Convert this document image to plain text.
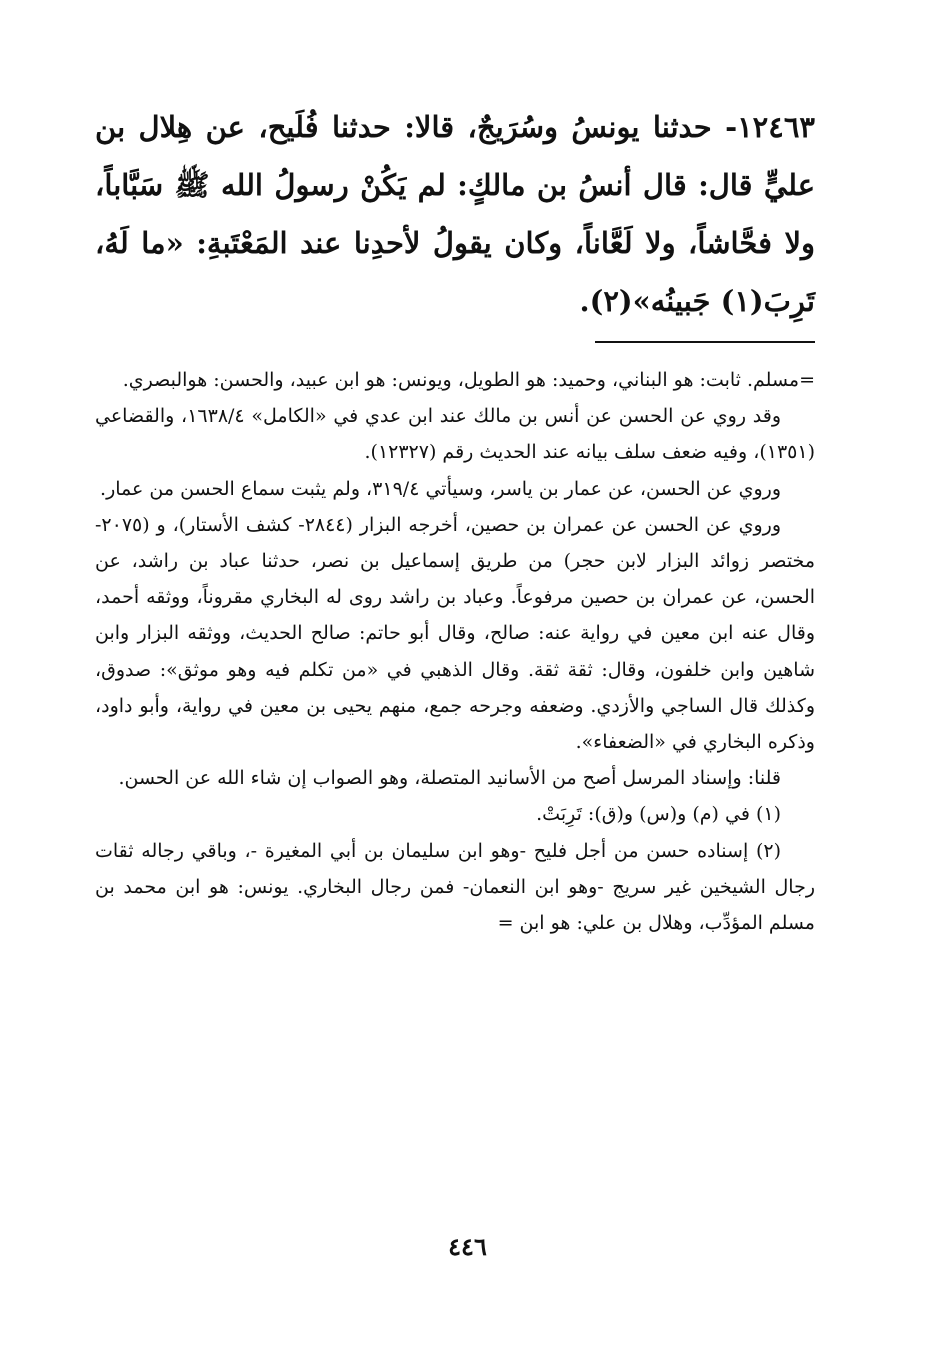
١٢٤٦٣- حدثنا يونسُ وسُرَيجٌ، قالا: حدثنا فُلَيح، عن هِلال بن عليٍّ قال: قال أنسُ بن مالكٍ: لم يَكُنْ رسولُ الله ﷺ سَبَّاباً، ولا فحَّاشاً، ولا لَعَّاناً، وكان يقولُ لأحدِنا عند المَعْتَبةِ: «ما لَهُ، تَرِبَ(١) جَبينُه»(٢).

=مسلم. ثابت: هو البناني، وحميد: هو الطويل، ويونس: هو ابن عبيد، والحسن: هوالبصري.

وقد روي عن الحسن عن أنس بن مالك عند ابن عدي في «الكامل» ١٦٣٨/٤، والقضاعي (١٣٥١)، وفيه ضعف سلف بيانه عند الحديث رقم (١٢٣٢٧).

وروي عن الحسن، عن عمار بن ياسر، وسيأتي ٣١٩/٤، ولم يثبت سماع الحسن من عمار.

وروي عن الحسن عن عمران بن حصين، أخرجه البزار (٢٨٤٤- كشف الأستار)، و (٢٠٧٥- مختصر زوائد البزار لابن حجر) من طريق إسماعيل بن نصر، حدثنا عباد بن راشد، عن الحسن، عن عمران بن حصين مرفوعاً. وعباد بن راشد روى له البخاري مقروناً، ووثقه أحمد، وقال عنه ابن معين في رواية عنه: صالح، وقال أبو حاتم: صالح الحديث، ووثقه البزار وابن شاهين وابن خلفون، وقال: ثقة ثقة. وقال الذهبي في «من تكلم فيه وهو موثق»: صدوق، وكذلك قال الساجي والأزدي. وضعفه وجرحه جمع، منهم يحيى بن معين في رواية، وأبو داود، وذكره البخاري في «الضعفاء».

قلنا: وإسناد المرسل أصح من الأسانيد المتصلة، وهو الصواب إن شاء الله عن الحسن.

(١) في (م) و(س) و(ق): تَرِبَتْ.

(٢) إسناده حسن من أجل فليح -وهو ابن سليمان بن أبي المغيرة -، وباقي رجاله ثقات رجال الشيخين غير سريج -وهو ابن النعمان- فمن رجال البخاري. يونس: هو ابن محمد بن مسلم المؤدِّب، وهلال بن علي: هو ابن =

٤٤٦
